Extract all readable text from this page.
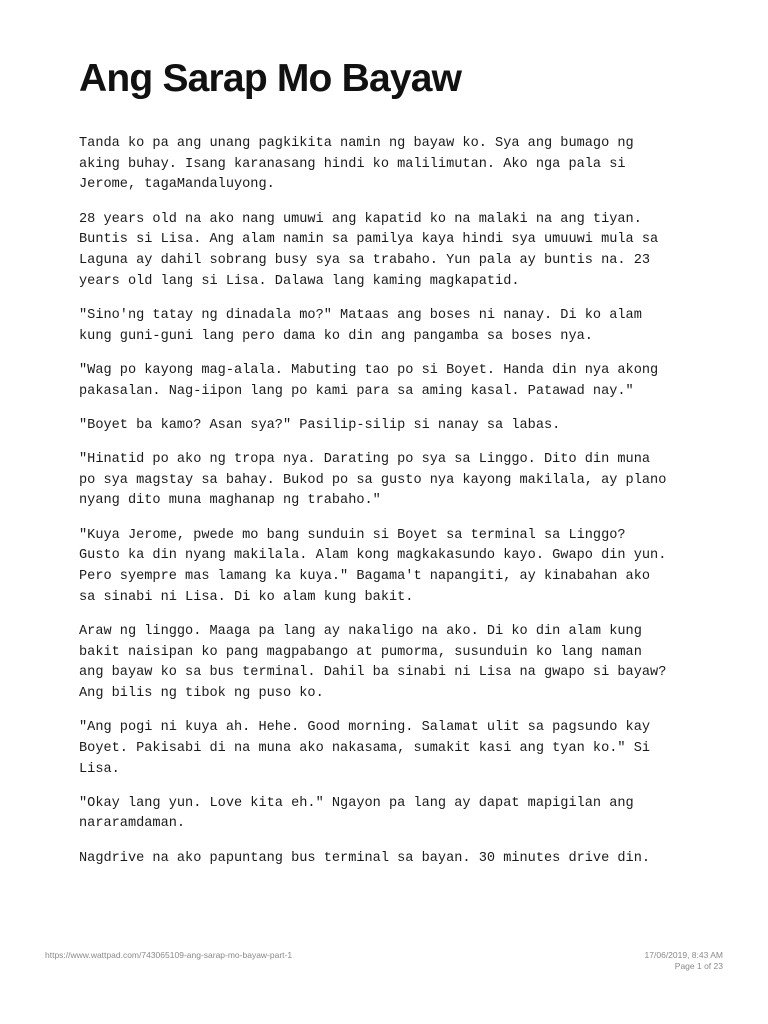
Ang Sarap Mo Bayaw

Tanda ko pa ang unang pagkikita namin ng bayaw ko. Sya ang bumago ng
aking buhay. Isang karanasang hindi ko malilimutan. Ako nga pala si
Jerome, tagaMandaluyong.

28 years old na ako nang umuwi ang kapatid ko na malaki na ang tiyan.
Buntis si Lisa. Ang alam namin sa pamilya kaya hindi sya umuuwi mula sa
Laguna ay dahil sobrang busy sya sa trabaho. Yun pala ay buntis na. 23
years old lang si Lisa. Dalawa lang kaming magkapatid.

"Sino'ng tatay ng dinadala mo?" Mataas ang boses ni nanay. Di ko alam
kung guni-guni lang pero dama ko din ang pangamba sa boses nya.

"Wag po kayong mag-alala. Mabuting tao po si Boyet. Handa din nya akong
pakasalan. Nag-iipon lang po kami para sa aming kasal. Patawad nay."

"Boyet ba kamo? Asan sya?" Pasilip-silip si nanay sa labas.

"Hinatid po ako ng tropa nya. Darating po sya sa Linggo. Dito din muna
po sya magstay sa bahay. Bukod po sa gusto nya kayong makilala, ay plano
nyang dito muna maghanap ng trabaho."

"Kuya Jerome, pwede mo bang sunduin si Boyet sa terminal sa Linggo?
Gusto ka din nyang makilala. Alam kong magkakasundo kayo. Gwapo din yun.
Pero syempre mas lamang ka kuya." Bagama't napangiti, ay kinabahan ako
sa sinabi ni Lisa. Di ko alam kung bakit.

Araw ng linggo. Maaga pa lang ay nakaligo na ako. Di ko din alam kung
bakit naisipan ko pang magpabango at pumorma, susunduin ko lang naman
ang bayaw ko sa bus terminal. Dahil ba sinabi ni Lisa na gwapo si bayaw?
Ang bilis ng tibok ng puso ko.

"Ang pogi ni kuya ah. Hehe. Good morning. Salamat ulit sa pagsundo kay
Boyet. Pakisabi di na muna ako nakasama, sumakit kasi ang tyan ko." Si
Lisa.

"Okay lang yun. Love kita eh." Ngayon pa lang ay dapat mapigilan ang
nararamdaman.

Nagdrive na ako papuntang bus terminal sa bayan. 30 minutes drive din.

https://www.wattpad.com/743065109-ang-sarap-mo-bayaw-part-1	17/06/2019, 8:43 AM
Page 1 of 23
